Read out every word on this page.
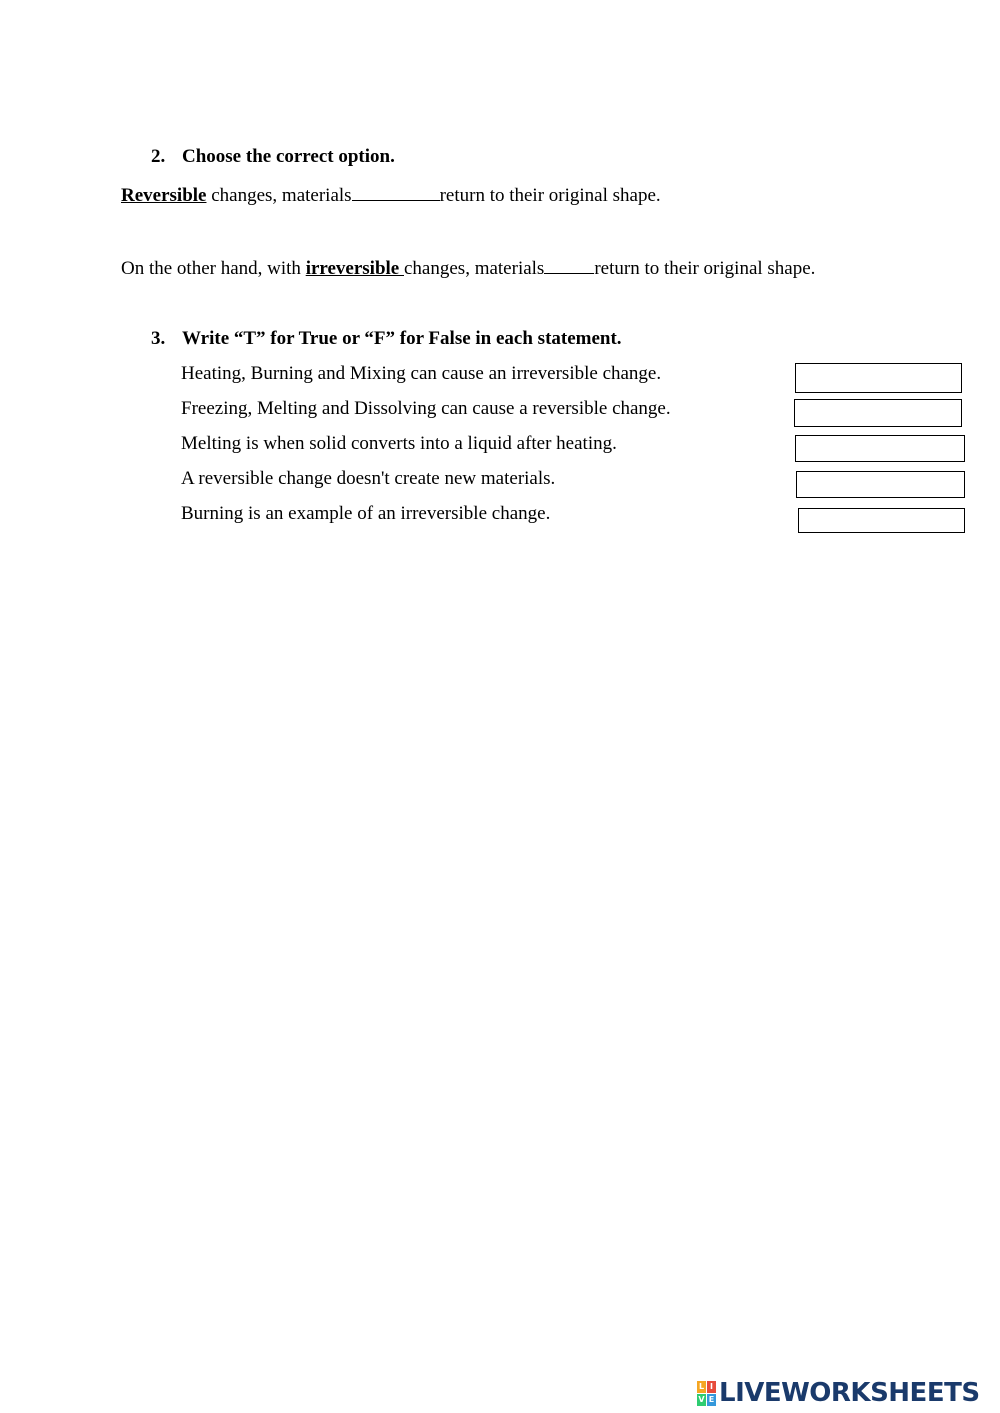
2. Choose the correct option.
Reversible changes, materials	return to their original shape.
On the other hand, with irreversible changes, materials	return to their original shape.
3. Write “T” for True or “F” for False in each statement.
Heating, Burning and Mixing can cause an irreversible change.
Freezing, Melting and Dissolving can cause a reversible change.
Melting is when solid converts into a liquid after heating.
A reversible change doesn't create new materials.
Burning is an example of an irreversible change.
L I
V E LIVEWORKSHEETS
